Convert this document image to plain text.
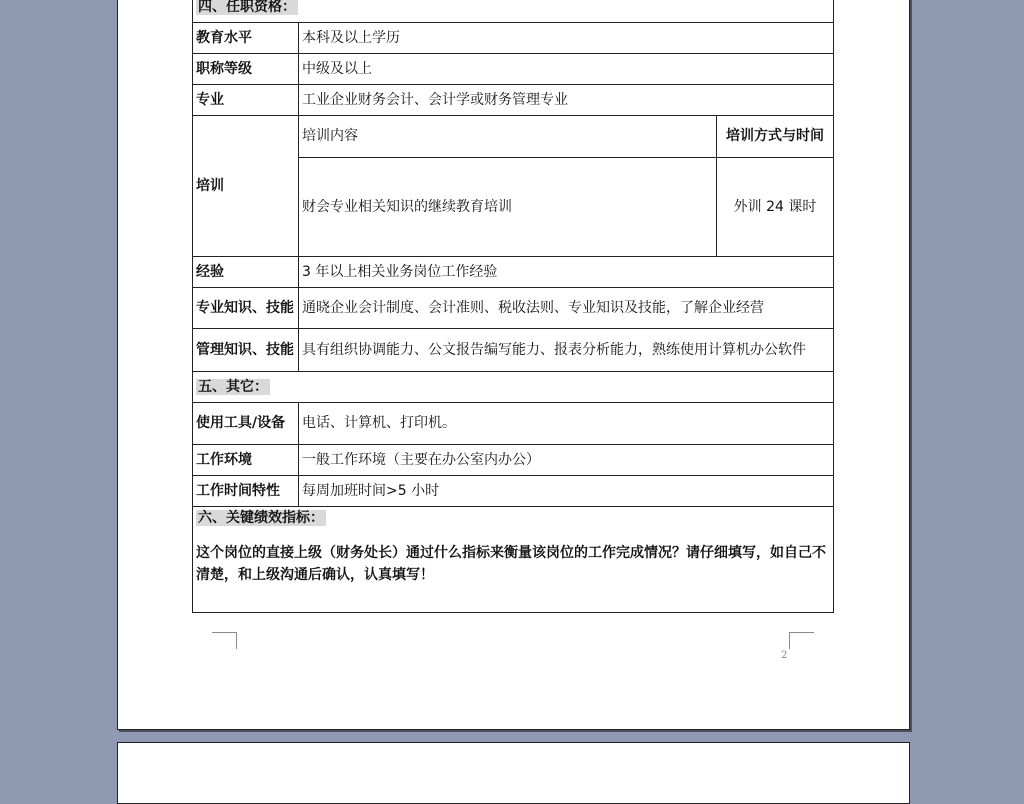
四、任职资格：		
教育水平	本科及以上学历	
职称等级	中级及以上	
专业	工业企业财务会计、会计学或财务管理专业	
培训	培训内容	培训方式与时间
	财会专业相关知识的继续教育培训	外训 24 课时
经验	3 年以上相关业务岗位工作经验	
专业知识、技能	通晓企业会计制度、会计准则、税收法则、专业知识及技能，了解企业经营	
管理知识、技能	具有组织协调能力、公文报告编写能力、报表分析能力，熟练使用计算机办公软件	
五、其它：		
使用工具/设备	电话、计算机、打印机。	
工作环境	一般工作环境（主要在办公室内办公）	
工作时间特性	每周加班时间>5 小时	

六、关键绩效指标：
这个岗位的直接上级（财务处长）通过什么指标来衡量该岗位的工作完成情况？请仔细填写，如自己不清楚，和上级沟通后确认，认真填写！		
2
